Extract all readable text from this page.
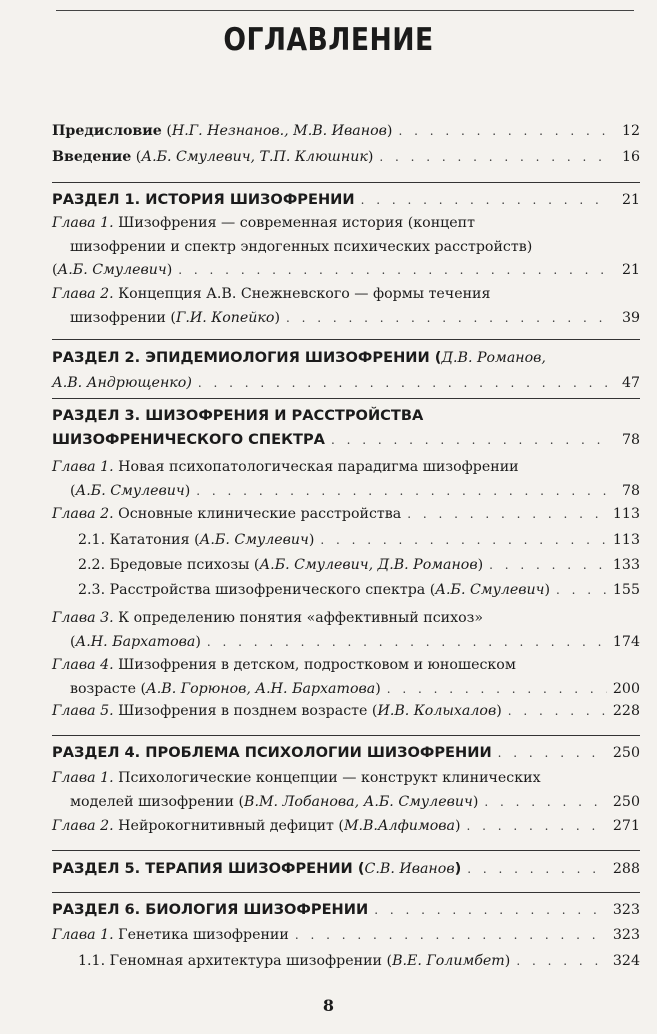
ОГЛАВЛЕНИЕ
Предисловие (Н.Г. Незнанов., М.В. Иванов) . . .	12
Введение (А.Б. Смулевич, Т.П. Клюшник) . . .	16
РАЗДЕЛ 1. ИСТОРИЯ ШИЗОФРЕНИИ . . .	21
Глава 1. Шизофрения — современная история (концепт
шизофрении и спектр эндогенных психических расстройств)
(А.Б. Смулевич) . . .	21
Глава 2. Концепция А.В. Снежневского — формы течения
шизофрении (Г.И. Копейко) . . .	39
РАЗДЕЛ 2. ЭПИДЕМИОЛОГИЯ ШИЗОФРЕНИИ (Д.В. Романов,
А.В. Андрющенко) . . .	47
РАЗДЕЛ 3. ШИЗОФРЕНИЯ И РАССТРОЙСТВА
ШИЗОФРЕНИЧЕСКОГО СПЕКТРА . . .	78
Глава 1. Новая психопатологическая парадигма шизофрении
(А.Б. Смулевич) . . .	78
Глава 2. Основные клинические расстройства . . .	113
2.1. Кататония (А.Б. Смулевич) . . .	113
2.2. Бредовые психозы (А.Б. Смулевич, Д.В. Романов) . . .	133
2.3. Расстройства шизофренического спектра (А.Б. Смулевич) . . .	155
Глава 3. К определению понятия «аффективный психоз»
(А.Н. Бархатова) . . .	174
Глава 4. Шизофрения в детском, подростковом и юношеском
возрасте (А.В. Горюнов, А.Н. Бархатова) . . .	200
Глава 5. Шизофрения в позднем возрасте (И.В. Колыхалов) . . .	228
РАЗДЕЛ 4. ПРОБЛЕМА ПСИХОЛОГИИ ШИЗОФРЕНИИ . . .	250
Глава 1. Психологические концепции — конструкт клинических
моделей шизофрении (В.М. Лобанова, А.Б. Смулевич) . . .	250
Глава 2. Нейрокогнитивный дефицит (М.В.Алфимова) . . .	271
РАЗДЕЛ 5. ТЕРАПИЯ ШИЗОФРЕНИИ (С.В. Иванов) . . .	288
РАЗДЕЛ 6. БИОЛОГИЯ ШИЗОФРЕНИИ . . .	323
Глава 1. Генетика шизофрении . . .	323
1.1. Геномная архитектура шизофрении (В.Е. Голимбет) . . .	324
8
